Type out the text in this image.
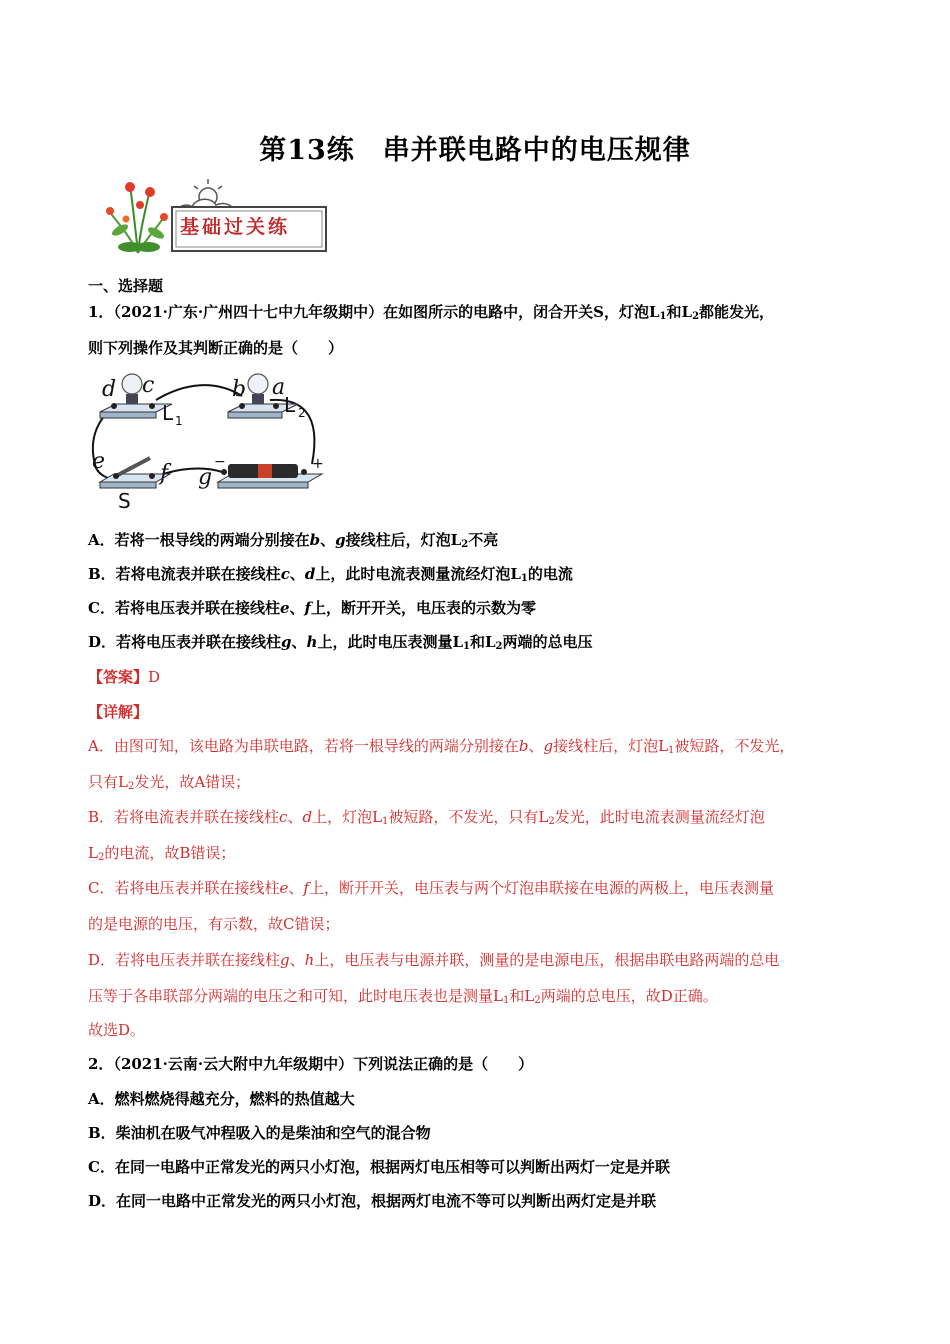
第13练　串并联电路中的电压规律
基础过关练
一、选择题
1．（2021·广东·广州四十七中九年级期中）在如图所示的电路中，闭合开关S，灯泡$L_1$和$L_2$都能发光，
则下列操作及其判断正确的是（　　）
d c	b a
e f g
L 1
L 2
S
−	+
A．若将一根导线的两端分别接在b、g接线柱后，灯泡$L_2$不亮
B．若将电流表并联在接线柱c、d上，此时电流表测量流经灯泡$L_1$的电流
C．若将电压表并联在接线柱e、f上，断开开关，电压表的示数为零
D．若将电压表并联在接线柱g、h上，此时电压表测量$L_1$和$L_2$两端的总电压
【答案】D
【详解】
A．由图可知，该电路为串联电路，若将一根导线的两端分别接在b、g接线柱后，灯泡$L_1$被短路，不发光，
只有$L_2$发光，故A错误；
B．若将电流表并联在接线柱c、d上，灯泡$L_1$被短路，不发光，只有$L_2$发光，此时电流表测量流经灯泡
$L_2$的电流，故B错误；
C．若将电压表并联在接线柱e、f上，断开开关，电压表与两个灯泡串联接在电源的两极上，电压表测量
的是电源的电压，有示数，故C错误；
D．若将电压表并联在接线柱g、h上，电压表与电源并联，测量的是电源电压，根据串联电路两端的总电
压等于各串联部分两端的电压之和可知，此时电压表也是测量$L_1$和$L_2$两端的总电压，故D正确。
故选D。
2．（2021·云南·云大附中九年级期中）下列说法正确的是（　　）
A．燃料燃烧得越充分，燃料的热值越大
B．柴油机在吸气冲程吸入的是柴油和空气的混合物
C．在同一电路中正常发光的两只小灯泡，根据两灯电压相等可以判断出两灯一定是并联
D．在同一电路中正常发光的两只小灯泡，根据两灯电流不等可以判断出两灯定是并联
